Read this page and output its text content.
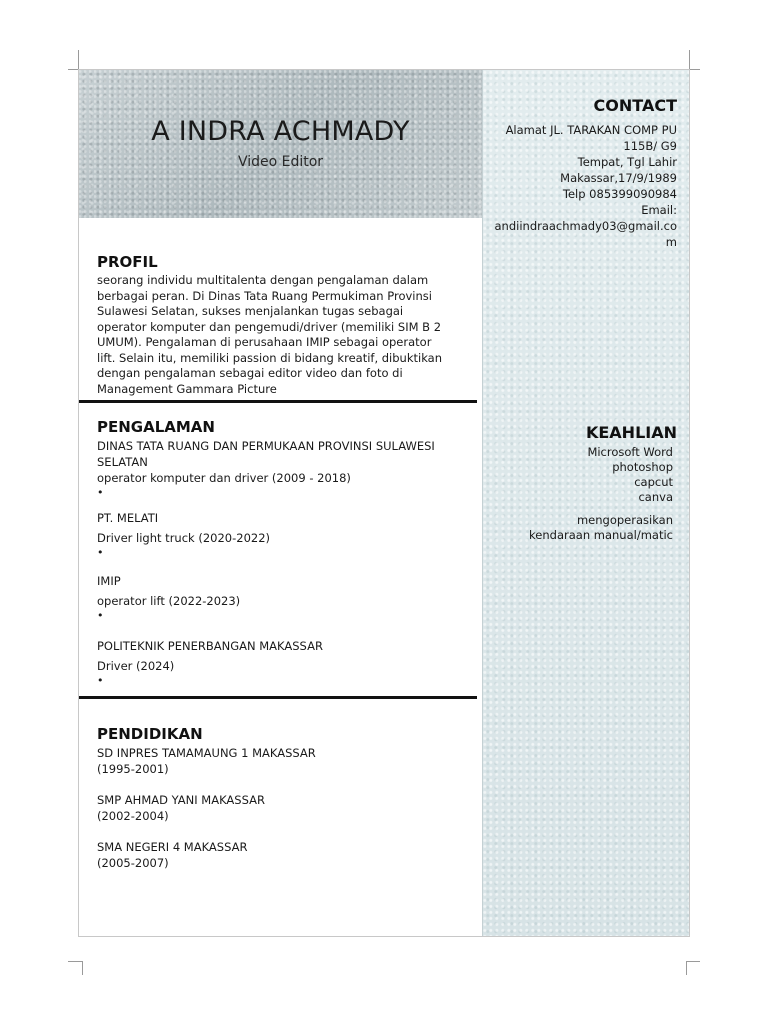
A INDRA ACHMADY
Video Editor
CONTACT
Alamat JL. TARAKAN COMP PU
115B/ G9
Tempat, Tgl Lahir
Makassar,17/9/1989
Telp 085399090984
Email:
andiindraachmady03@gmail.com
KEAHLIAN
Microsoft Word
photoshop
capcut
canva
mengoperasikan kendaraan manual/matic
PROFIL
seorang individu multitalenta dengan pengalaman dalam berbagai peran. Di Dinas Tata Ruang Permukiman Provinsi Sulawesi Selatan, sukses menjalankan tugas sebagai operator komputer dan pengemudi/driver (memiliki SIM B 2 UMUM). Pengalaman di perusahaan IMIP sebagai operator lift. Selain itu, memiliki passion di bidang kreatif, dibuktikan dengan pengalaman sebagai editor video dan foto di Management Gammara Picture
PENGALAMAN
DINAS TATA RUANG DAN PERMUKAAN PROVINSI SULAWESI SELATAN
operator komputer dan driver (2009 - 2018)
•
PT. MELATI
Driver light truck (2020-2022)
•
IMIP
operator lift (2022-2023)
•
POLITEKNIK PENERBANGAN MAKASSAR
Driver (2024)
•
PENDIDIKAN
SD INPRES TAMAMAUNG 1 MAKASSAR
(1995-2001)
SMP AHMAD YANI MAKASSAR
(2002-2004)
SMA NEGERI 4 MAKASSAR
(2005-2007)
